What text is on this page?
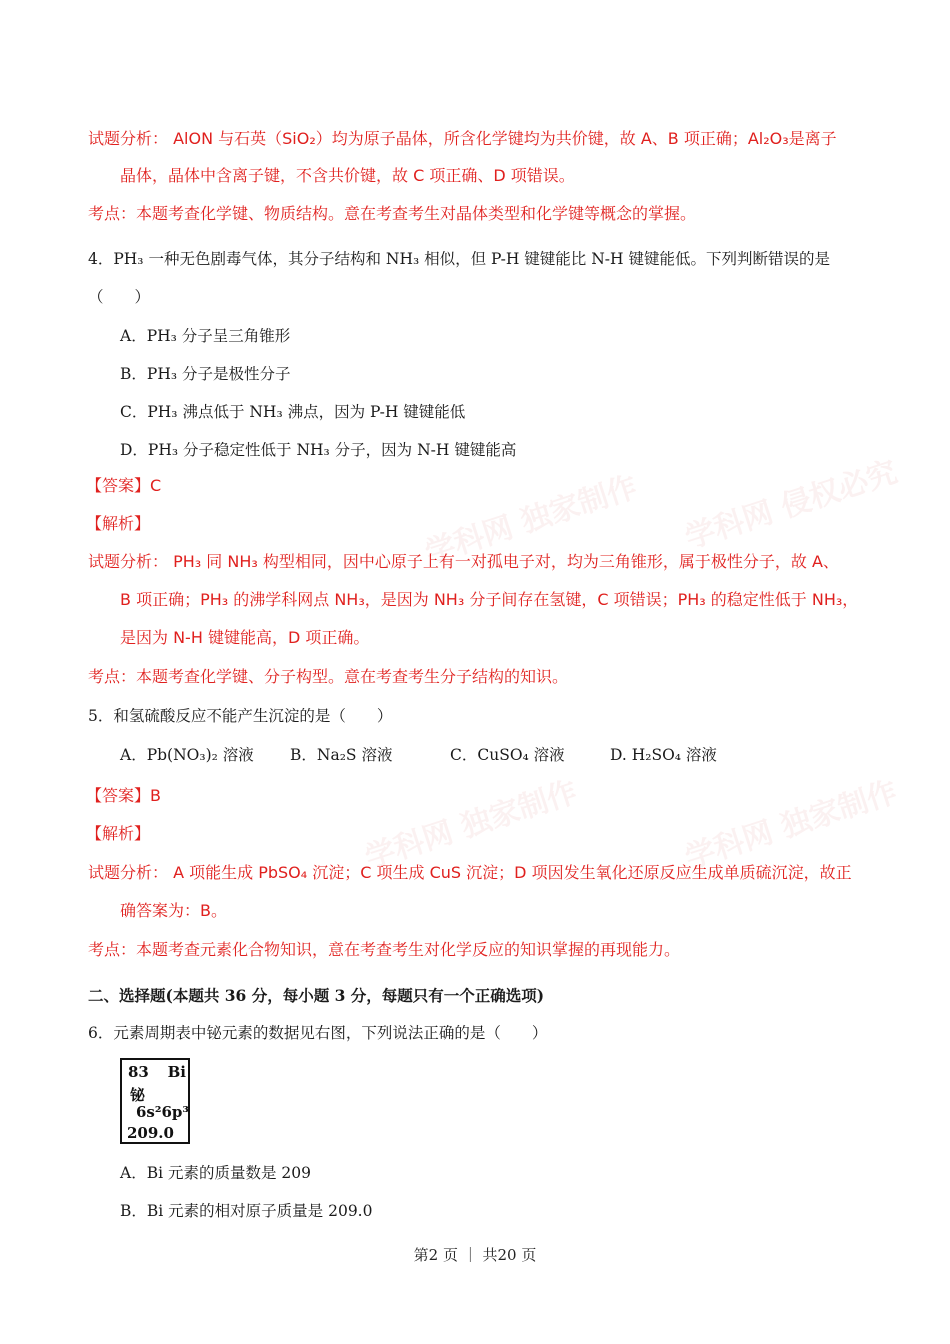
学科网 独家制作 学科网 侵权必究
学科网 独家制作	学科网 独家制作
试题分析： AlON 与石英（SiO₂）均为原子晶体，所含化学键均为共价键，故 A、B 项正确；Al₂O₃是离子
晶体，晶体中含离子键，不含共价键，故 C 项正确、D 项错误。
考点：本题考查化学键、物质结构。意在考查考生对晶体类型和化学键等概念的掌握。
4．PH₃ 一种无色剧毒气体，其分子结构和 NH₃ 相似，但 P-H 键键能比 N-H 键键能低。下列判断错误的是
（　　）
A．PH₃ 分子呈三角锥形
B．PH₃ 分子是极性分子
C．PH₃ 沸点低于 NH₃ 沸点，因为 P-H 键键能低
D．PH₃ 分子稳定性低于 NH₃ 分子，因为 N-H 键键能高
【答案】C
【解析】
试题分析： PH₃ 同 NH₃ 构型相同，因中心原子上有一对孤电子对，均为三角锥形，属于极性分子，故 A、
B 项正确；PH₃ 的沸学科网点 NH₃，是因为 NH₃ 分子间存在氢键，C 项错误；PH₃ 的稳定性低于 NH₃，
是因为 N-H 键键能高，D 项正确。
考点：本题考查化学键、分子构型。意在考查考生分子结构的知识。
5．和氢硫酸反应不能产生沉淀的是（　　）
A．Pb(NO₃)₂ 溶液 B．Na₂S 溶液	C．CuSO₄ 溶液	D. H₂SO₄ 溶液
【答案】B
【解析】
试题分析： A 项能生成 PbSO₄ 沉淀；C 项生成 CuS 沉淀；D 项因发生氧化还原反应生成单质硫沉淀，故正
确答案为：B。
考点：本题考查元素化合物知识，意在考查考生对化学反应的知识掌握的再现能力。
二、选择题(本题共 36 分，每小题 3 分，每题只有一个正确选项)
6．元素周期表中铋元素的数据见右图，下列说法正确的是（　　）
83 Bi
铋
6s²6p³
209.0
A．Bi 元素的质量数是 209
B．Bi 元素的相对原子质量是 209.0
第2 页 ｜ 共20 页
